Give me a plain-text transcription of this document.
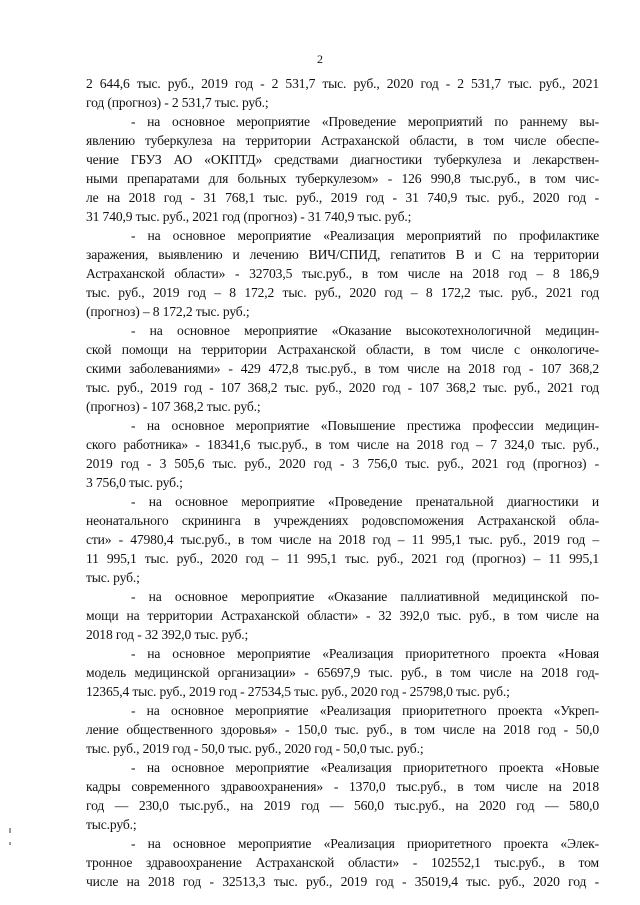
2
2 644,6 тыс. руб., 2019 год - 2 531,7 тыс. руб., 2020 год - 2 531,7 тыс. руб., 2021
год (прогноз) - 2 531,7 тыс. руб.;
- на основное мероприятие «Проведение мероприятий по раннему вы-
явлению туберкулеза на территории Астраханской области, в том числе обеспе-
чение ГБУЗ АО «ОКПТД» средствами диагностики туберкулеза и лекарствен-
ными препаратами для больных туберкулезом» - 126 990,8 тыс.руб., в том чис-
ле на 2018 год - 31 768,1 тыс. руб., 2019 год - 31 740,9 тыс. руб., 2020 год -
31 740,9 тыс. руб., 2021 год (прогноз) - 31 740,9 тыс. руб.;
- на основное мероприятие «Реализация мероприятий по профилактике
заражения, выявлению и лечению ВИЧ/СПИД, гепатитов В и С на территории
Астраханской области» - 32703,5 тыс.руб., в том числе на 2018 год – 8 186,9
тыс. руб., 2019 год – 8 172,2 тыс. руб., 2020 год – 8 172,2 тыс. руб., 2021 год
(прогноз) – 8 172,2 тыс. руб.;
- на основное мероприятие «Оказание высокотехнологичной медицин-
ской помощи на территории Астраханской области, в том числе с онкологиче-
скими заболеваниями» - 429 472,8 тыс.руб., в том числе на 2018 год - 107 368,2
тыс. руб., 2019 год - 107 368,2 тыс. руб., 2020 год - 107 368,2 тыс. руб., 2021 год
(прогноз) - 107 368,2 тыс. руб.;
- на основное мероприятие «Повышение престижа профессии медицин-
ского работника» - 18341,6 тыс.руб., в том числе на 2018 год – 7 324,0 тыс. руб.,
2019 год - 3 505,6 тыс. руб., 2020 год - 3 756,0 тыс. руб., 2021 год (прогноз) -
3 756,0 тыс. руб.;
- на основное мероприятие «Проведение пренатальной диагностики и
неонатального скрининга в учреждениях родовспоможения Астраханской обла-
сти» - 47980,4 тыс.руб., в том числе на 2018 год – 11 995,1 тыс. руб., 2019 год –
11 995,1 тыс. руб., 2020 год – 11 995,1 тыс. руб., 2021 год (прогноз) – 11 995,1
тыс. руб.;
- на основное мероприятие «Оказание паллиативной медицинской по-
мощи на территории Астраханской области» - 32 392,0 тыс. руб., в том числе на
2018 год - 32 392,0 тыс. руб.;
- на основное мероприятие «Реализация приоритетного проекта «Новая
модель медицинской организации» - 65697,9 тыс. руб., в том числе на 2018 год-
12365,4 тыс. руб., 2019 год - 27534,5 тыс. руб., 2020 год - 25798,0 тыс. руб.;
- на основное мероприятие «Реализация приоритетного проекта «Укреп-
ление общественного здоровья» - 150,0 тыс. руб., в том числе на 2018 год - 50,0
тыс. руб., 2019 год - 50,0 тыс. руб., 2020 год - 50,0 тыс. руб.;
- на основное мероприятие «Реализация приоритетного проекта «Новые
кадры современного здравоохранения» - 1370,0 тыс.руб., в том числе на 2018
год — 230,0 тыс.руб., на 2019 год — 560,0 тыс.руб., на 2020 год — 580,0
тыс.руб.;
- на основное мероприятие «Реализация приоритетного проекта «Элек-
тронное здравоохранение Астраханской области» - 102552,1 тыс.руб., в том
числе на 2018 год - 32513,3 тыс. руб., 2019 год - 35019,4 тыс. руб., 2020 год -
